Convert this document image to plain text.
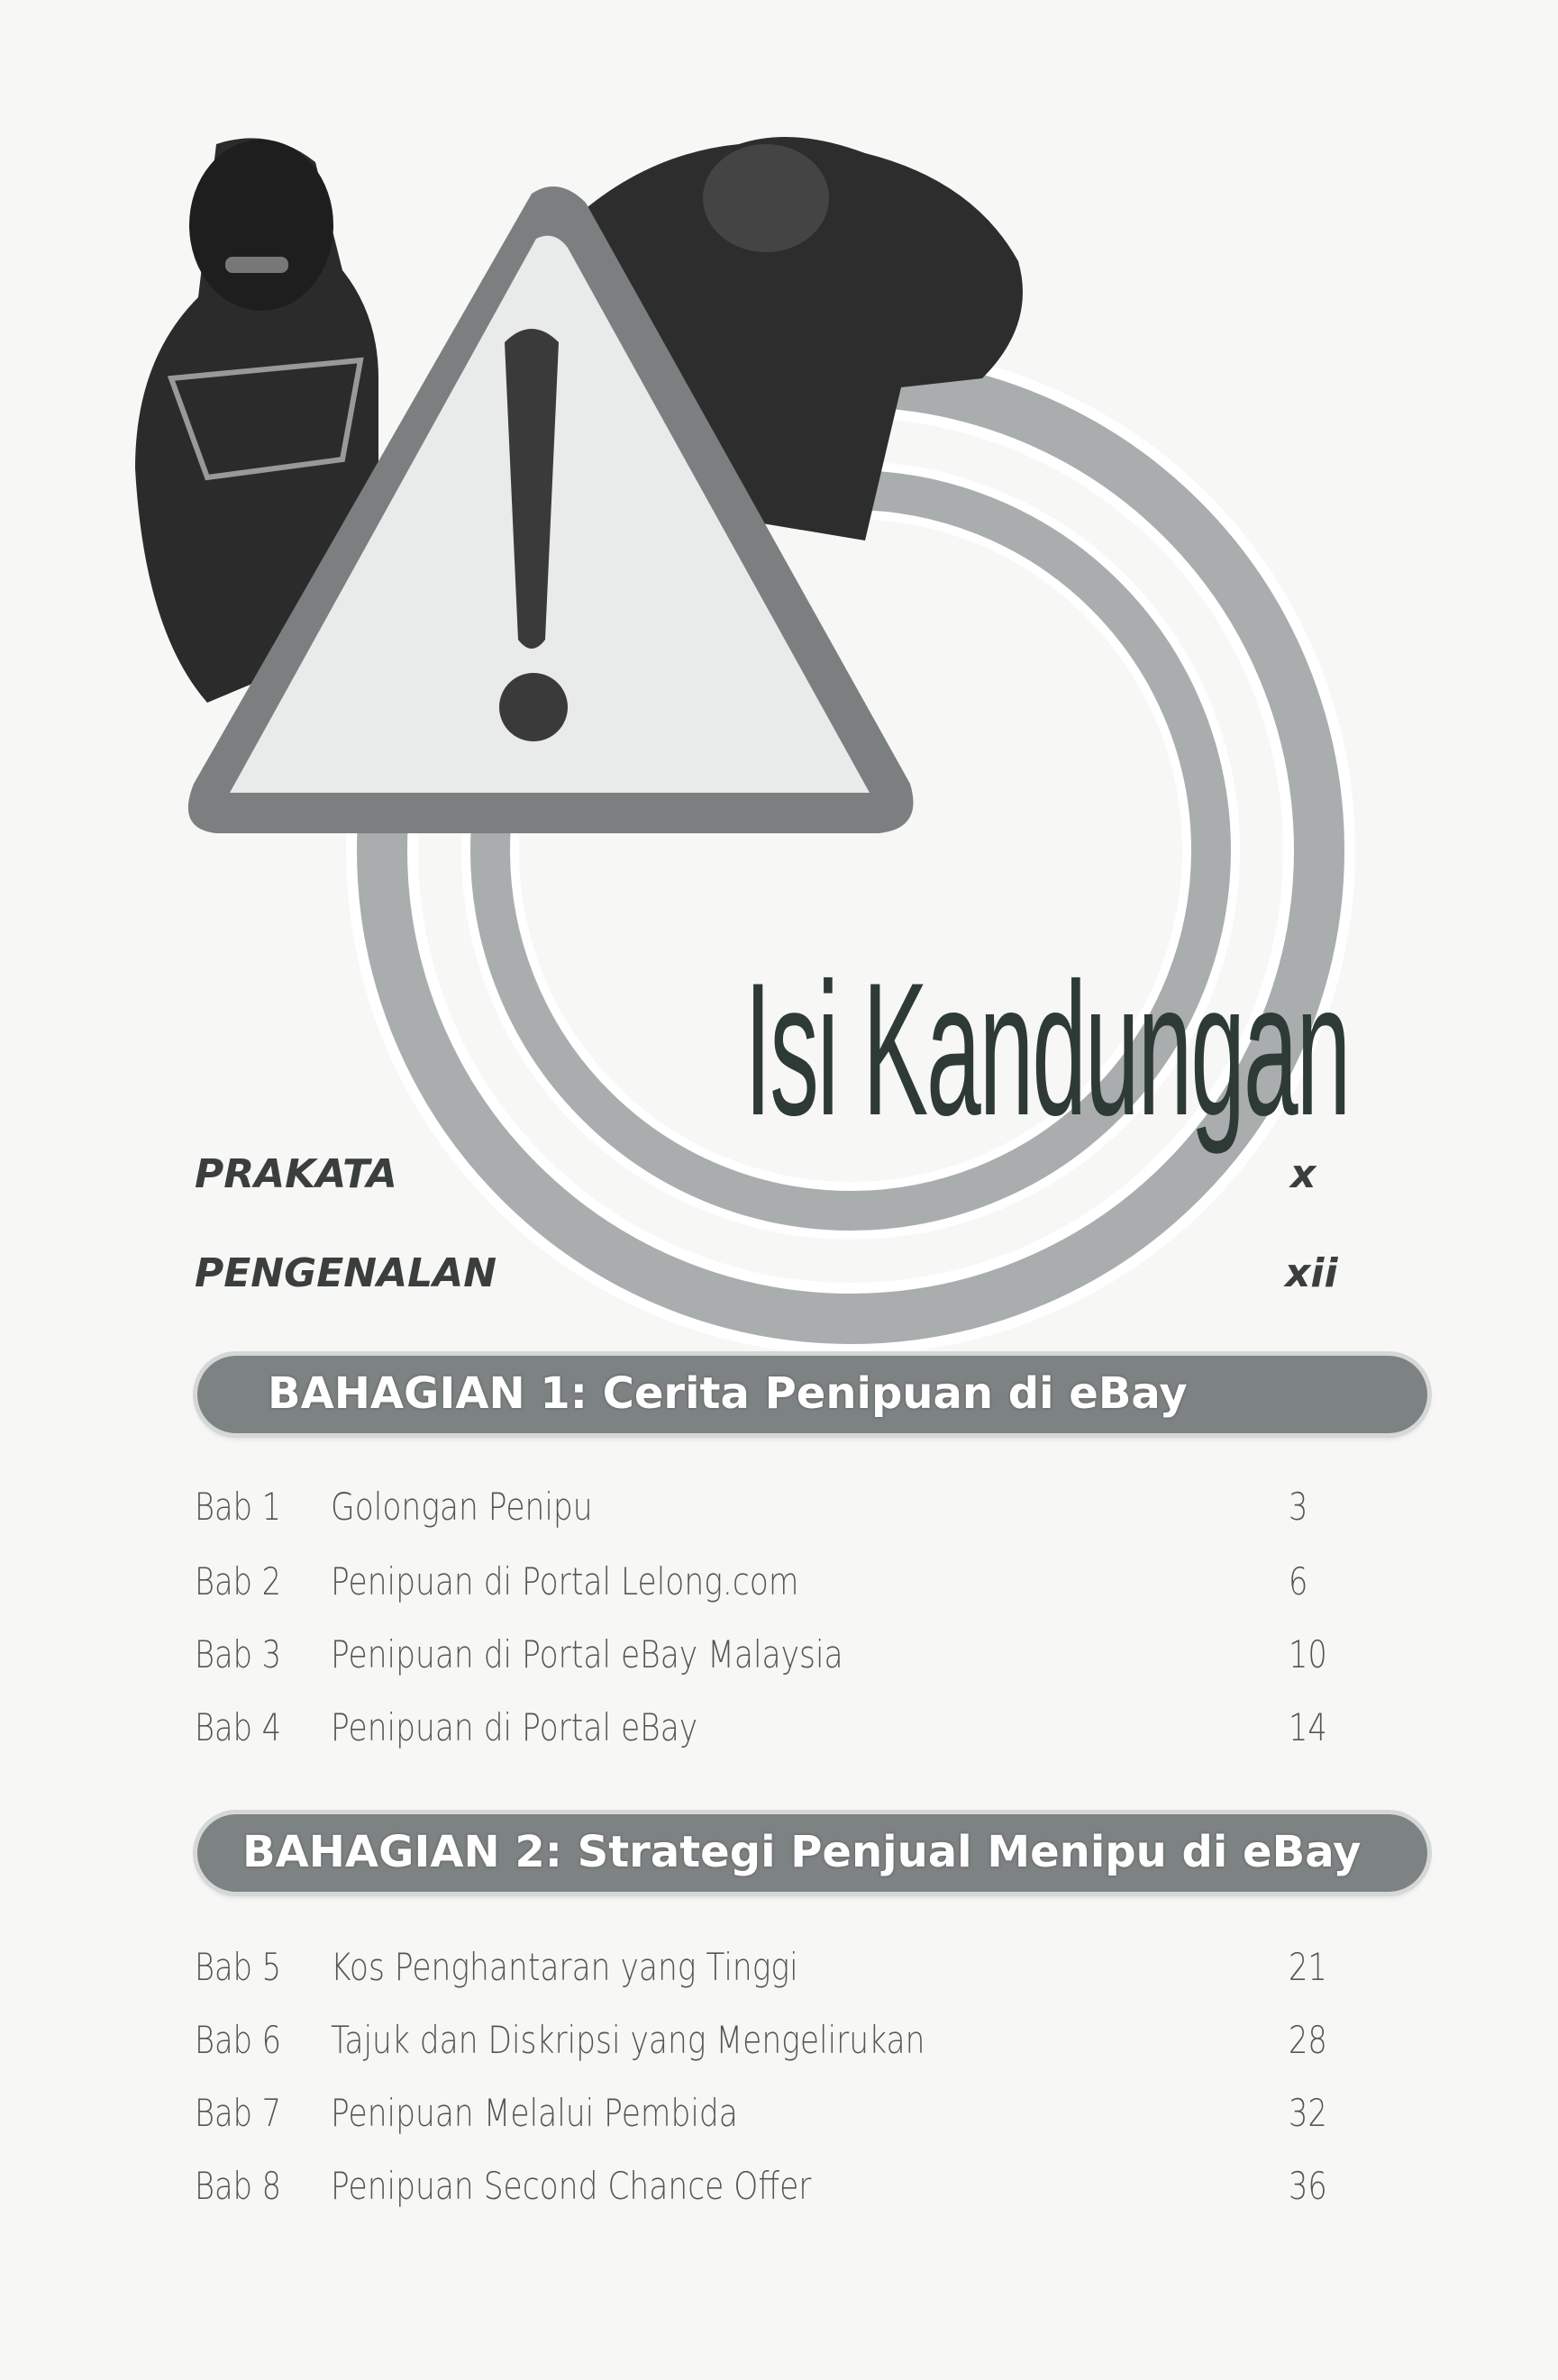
Isi Kandungan
PRAKATA	x
PENGENALAN	xii
BAHAGIAN 1: Cerita Penipuan di eBay
Bab 1 Golongan Penipu	3
Bab 2 Penipuan di Portal Lelong.com	6
Bab 3 Penipuan di Portal eBay Malaysia	10
Bab 4 Penipuan di Portal eBay	14
BAHAGIAN 2: Strategi Penjual Menipu di eBay
Bab 5 Kos Penghantaran yang Tinggi	21
Bab 6 Tajuk dan Diskripsi yang Mengelirukan	28
Bab 7 Penipuan Melalui Pembida	32
Bab 8 Penipuan Second Chance Offer	36
